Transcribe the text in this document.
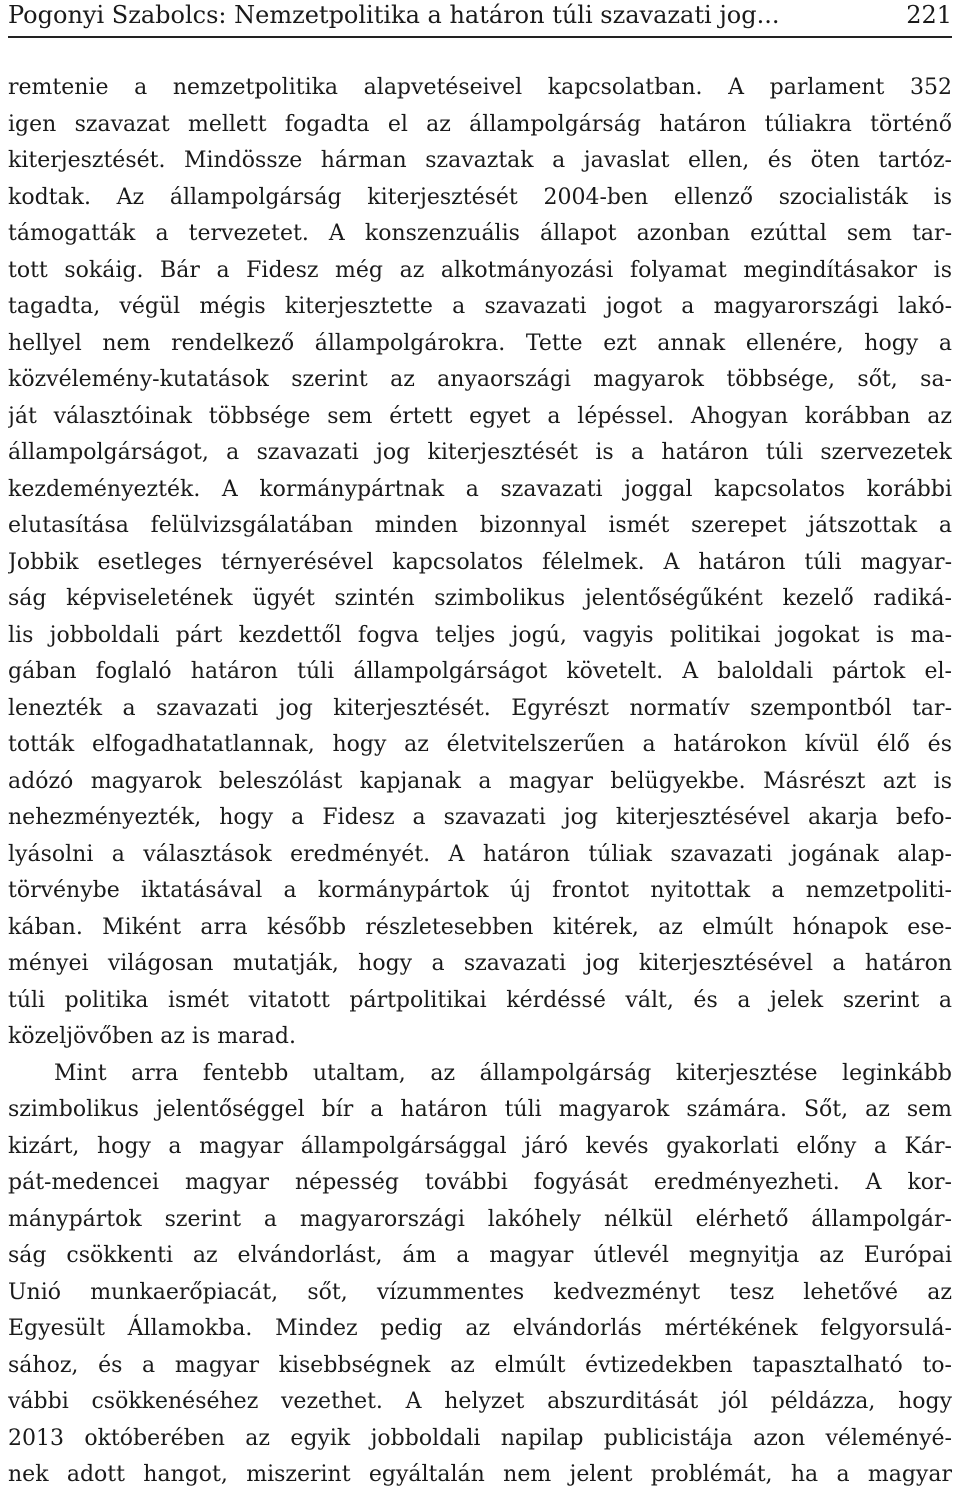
Pogonyi Szabolcs: Nemzetpolitika a határon túli szavazati jog...	221
remtenie a nemzetpolitika alapvetéseivel kapcsolatban. A parlament 352
igen szavazat mellett fogadta el az állampolgárság határon túliakra történő
kiterjesztését. Mindössze hárman szavaztak a javaslat ellen, és öten tartóz-
kodtak. Az állampolgárság kiterjesztését 2004-ben ellenző szocialisták is
támogatták a tervezetet. A konszenzuális állapot azonban ezúttal sem tar-
tott sokáig. Bár a Fidesz még az alkotmányozási folyamat megindításakor is
tagadta, végül mégis kiterjesztette a szavazati jogot a magyarországi lakó-
hellyel nem rendelkező állampolgárokra. Tette ezt annak ellenére, hogy a
közvélemény-kutatások szerint az anyaországi magyarok többsége, sőt, sa-
ját választóinak többsége sem értett egyet a lépéssel. Ahogyan korábban az
állampolgárságot, a szavazati jog kiterjesztését is a határon túli szervezetek
kezdeményezték. A kormánypártnak a szavazati joggal kapcsolatos korábbi
elutasítása felülvizsgálatában minden bizonnyal ismét szerepet játszottak a
Jobbik esetleges térnyerésével kapcsolatos félelmek. A határon túli magyar-
ság képviseletének ügyét szintén szimbolikus jelentőségűként kezelő radiká-
lis jobboldali párt kezdettől fogva teljes jogú, vagyis politikai jogokat is ma-
gában foglaló határon túli állampolgárságot követelt. A baloldali pártok el-
lenezték a szavazati jog kiterjesztését. Egyrészt normatív szempontból tar-
tották elfogadhatatlannak, hogy az életvitelszerűen a határokon kívül élő és
adózó magyarok beleszólást kapjanak a magyar belügyekbe. Másrészt azt is
nehezményezték, hogy a Fidesz a szavazati jog kiterjesztésével akarja befo-
lyásolni a választások eredményét. A határon túliak szavazati jogának alap-
törvénybe iktatásával a kormánypártok új frontot nyitottak a nemzetpoliti-
kában. Miként arra később részletesebben kitérek, az elmúlt hónapok ese-
ményei világosan mutatják, hogy a szavazati jog kiterjesztésével a határon
túli politika ismét vitatott pártpolitikai kérdéssé vált, és a jelek szerint a
közeljövőben az is marad.
Mint arra fentebb utaltam, az állampolgárság kiterjesztése leginkább
szimbolikus jelentőséggel bír a határon túli magyarok számára. Sőt, az sem
kizárt, hogy a magyar állampolgársággal járó kevés gyakorlati előny a Kár-
pát-medencei magyar népesség további fogyását eredményezheti. A kor-
mánypártok szerint a magyarországi lakóhely nélkül elérhető állampolgár-
ság csökkenti az elvándorlást, ám a magyar útlevél megnyitja az Európai
Unió munkaerőpiacát, sőt, vízummentes kedvezményt tesz lehetővé az
Egyesült Államokba. Mindez pedig az elvándorlás mértékének felgyorsulá-
sához, és a magyar kisebbségnek az elmúlt évtizedekben tapasztalható to-
vábbi csökkenéséhez vezethet. A helyzet abszurditását jól példázza, hogy
2013 októberében az egyik jobboldali napilap publicistája azon véleményé-
nek adott hangot, miszerint egyáltalán nem jelent problémát, ha a magyar
